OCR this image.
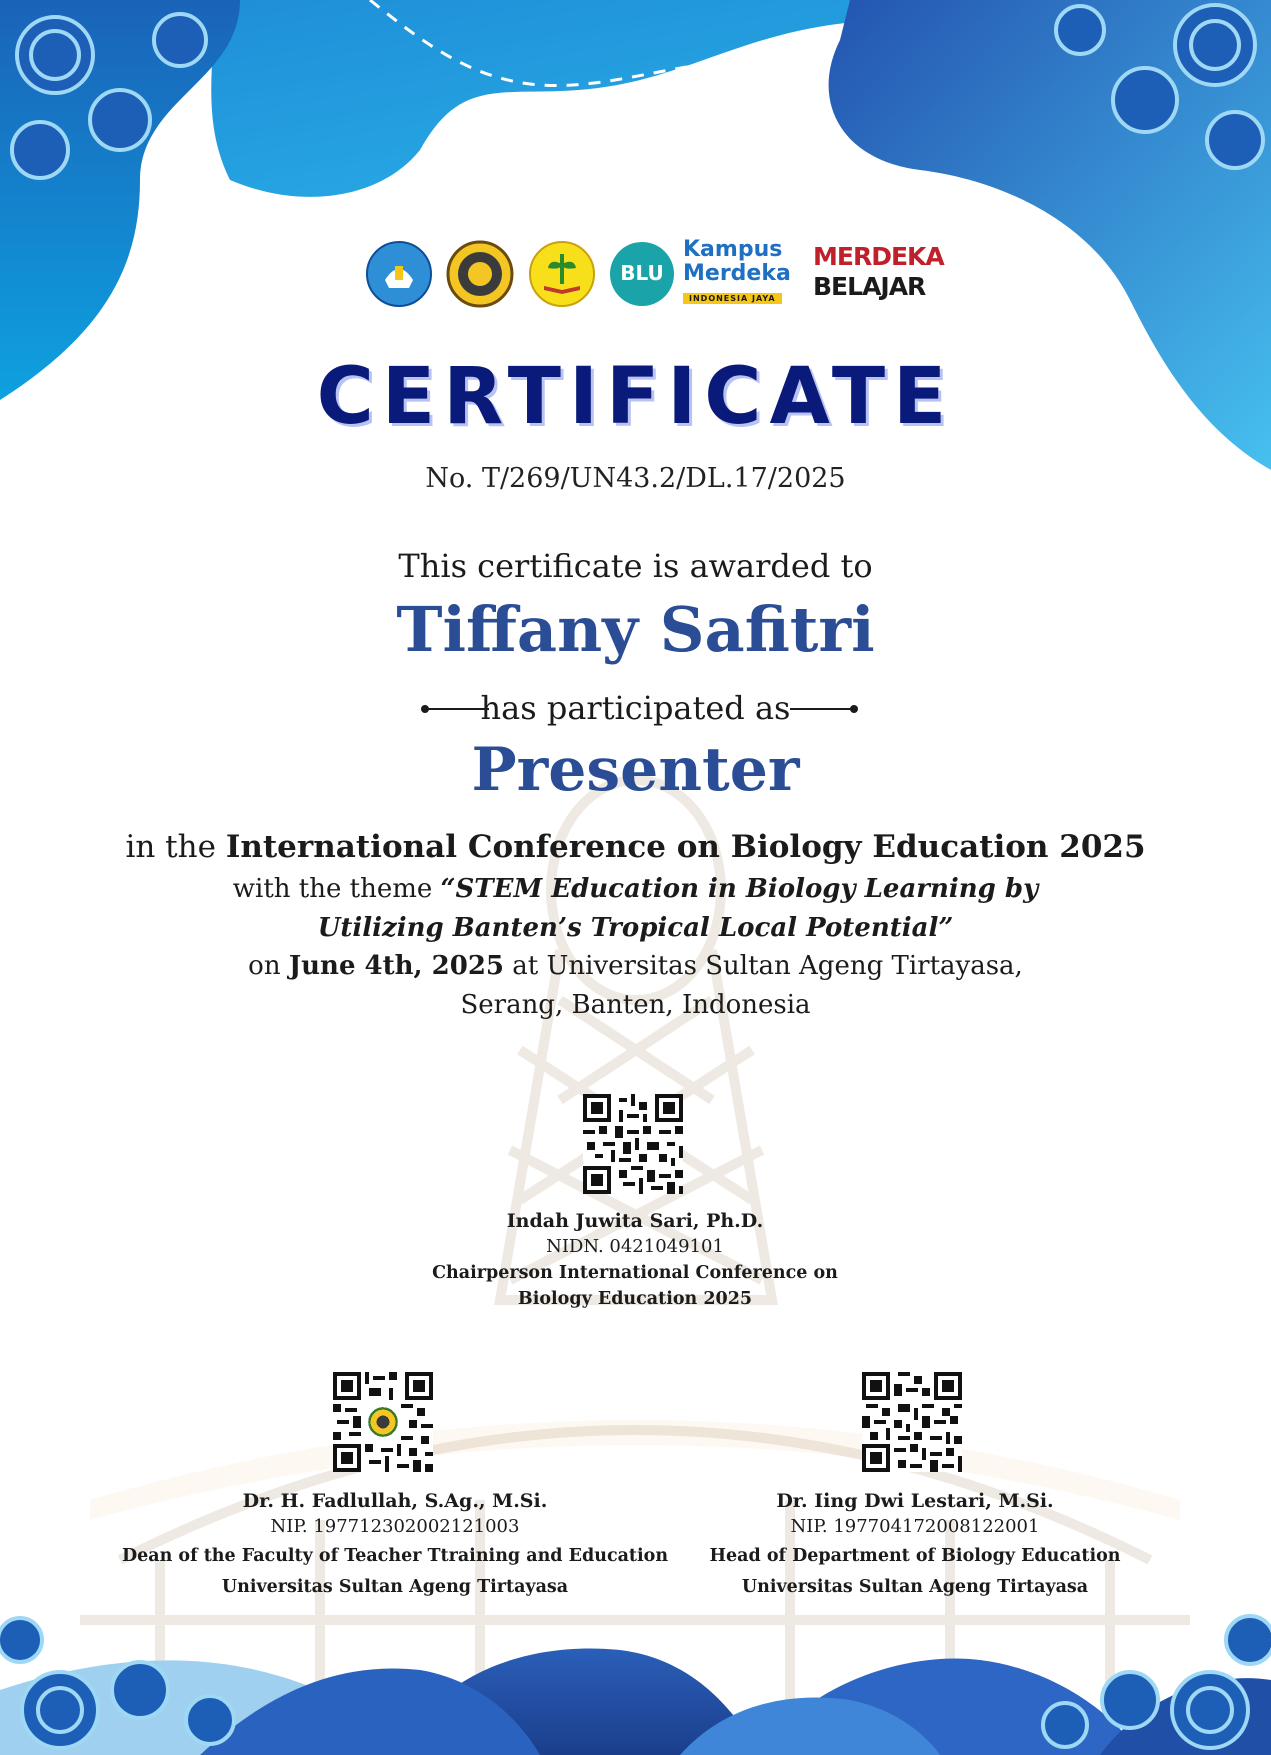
BLU
Kampus
Merdeka
INDONESIA JAYA
MERDEKA
BELAJAR
CERTIFICATE
No. T/269/UN43.2/DL.17/2025
This certificate is awarded to
Tiffany Safitri
has participated as
Presenter
in the International Conference on Biology Education 2025
with the theme “STEM Education in Biology Learning by
Utilizing Banten’s Tropical Local Potential”
on June 4th, 2025 at Universitas Sultan Ageng Tirtayasa,
Serang, Banten, Indonesia
Indah Juwita Sari, Ph.D.
NIDN. 0421049101
Chairperson International Conference on
Biology Education 2025
Dr. H. Fadlullah, S.Ag., M.Si.
NIP. 197712302002121003
Dean of the Faculty of Teacher Ttraining and Education
Universitas Sultan Ageng Tirtayasa
Dr. Iing Dwi Lestari, M.Si.
NIP. 197704172008122001
Head of Department of Biology Education
Universitas Sultan Ageng Tirtayasa
